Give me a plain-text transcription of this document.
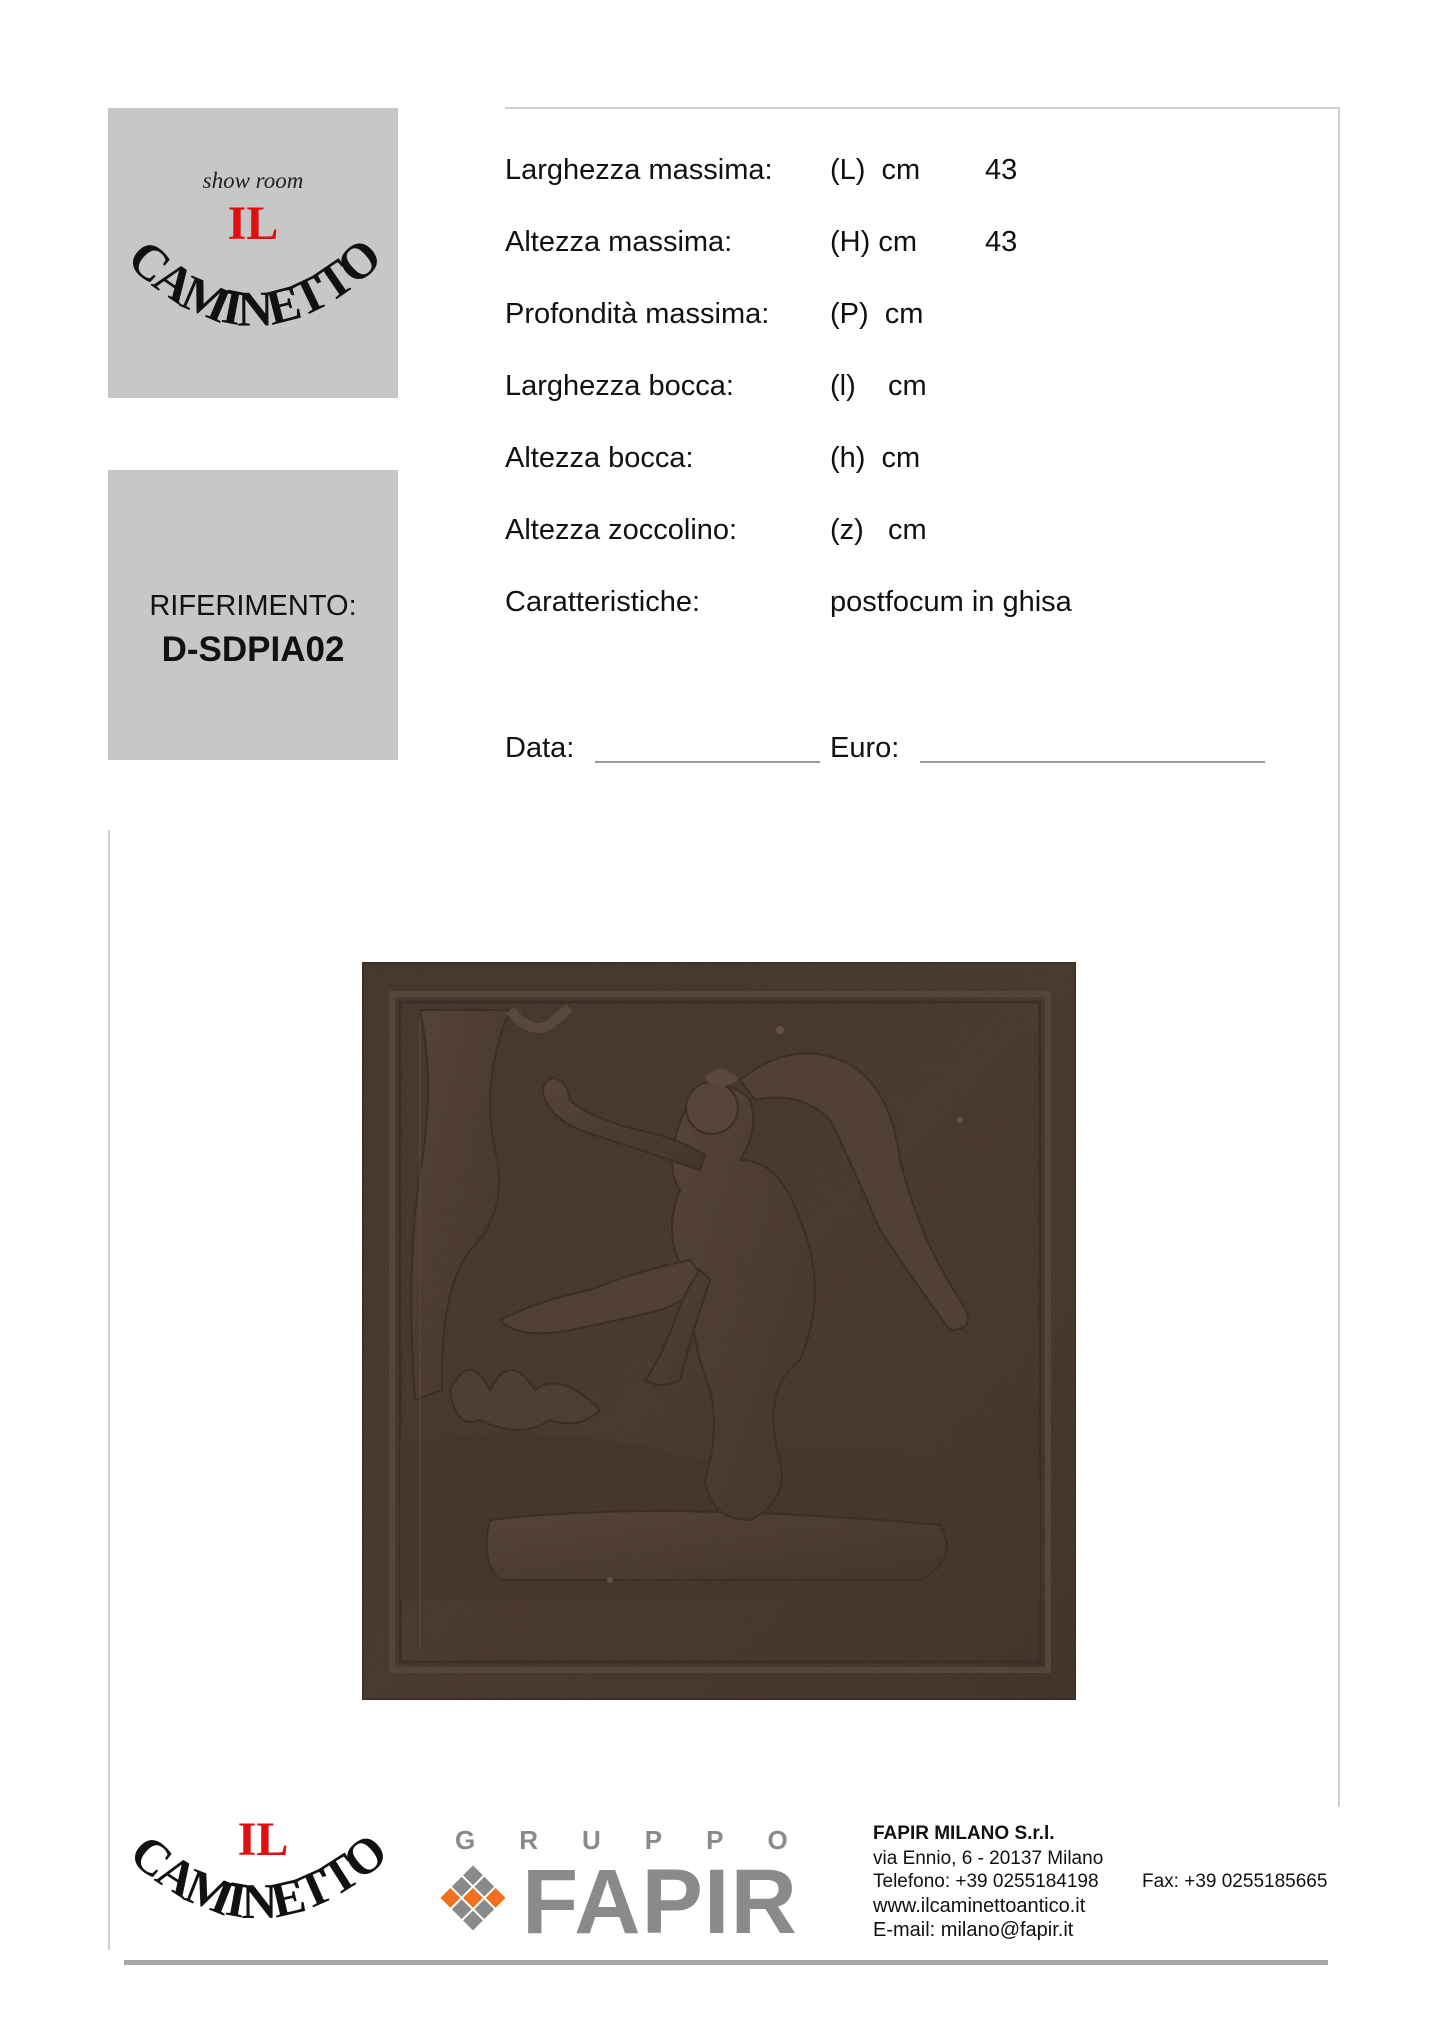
show room
IL
CAMINETTO
RIFERIMENTO:
D-SDPIA02
Larghezza massima: (L)  cm 43
Altezza massima:	(H) cm 43
Profondità massima: (P)  cm
Larghezza bocca:	(l)    cm
Altezza bocca:	(h)  cm
Altezza zoccolino:	(z)   cm
Caratteristiche:	postfocum in ghisa
Data:	Euro:
IL
CAMINETTO GRUPPO
FAPIR
FAPIR MILANO S.r.l.
via Ennio, 6 - 20137 Milano
Telefono: +39 0255184198 Fax: +39 0255185665
www.ilcaminettoantico.it
E-mail: milano@fapir.it
